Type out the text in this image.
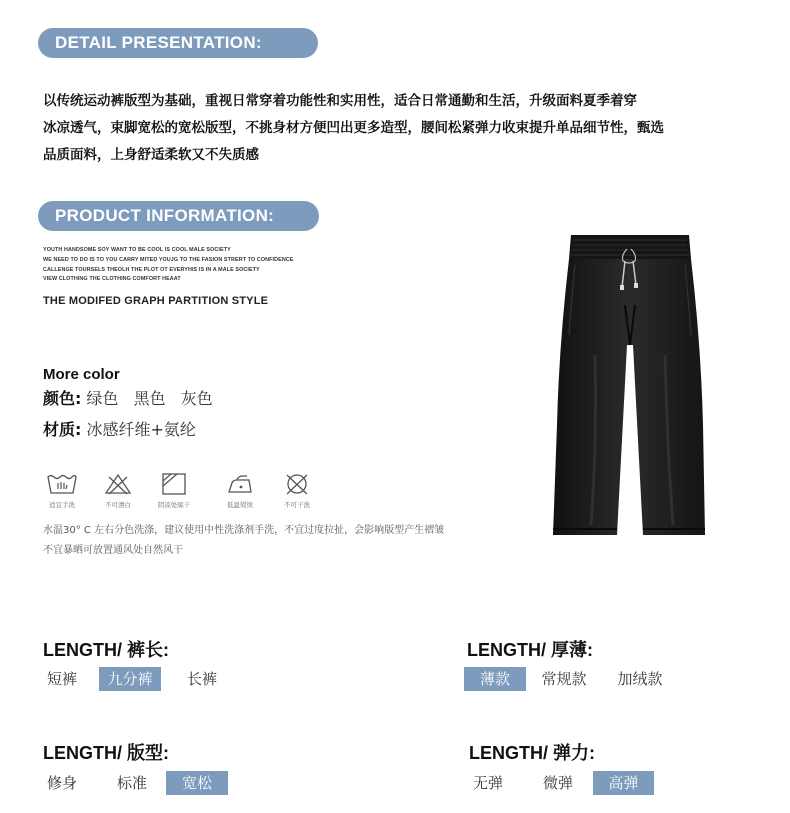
DETAIL PRESENTATION:
以传统运动裤版型为基础，重视日常穿着功能性和实用性，适合日常通勤和生活，升级面料夏季着穿
冰凉透气，束脚宽松的宽松版型，不挑身材方便凹出更多造型，腰间松紧弹力收束提升单品细节性，甄选
品质面料，上身舒适柔软又不失质感
PRODUCT INFORMATION:
YOUTH HANDSOME SOY WANT TO BE COOL IS COOL MALE SOCIETY
WE NEED TO DO IS TO YOU CARRY MITED YOUJG TO THE FASION STRERT TO CONFIDENCE
CALLENGE TOURSELS THEOLH THE PLOT OT EVERYHIS IS IN A MALE SOCIETY
VIEW CLOTHING THE CLOTHING COMFORT HEAAT
THE MODIFED GRAPH PARTITION STYLE
More color
颜色: 绿色 黑色 灰色
材质: 冰感纤维+氨纶
适宜手洗	不可漂白	阴凉处晾干	低温熨烫	不可干洗
水温30° C 左右分色洗涤，建议使用中性洗涤剂手洗，不宜过度拉扯，会影响版型产生褶皱
不宜暴晒可放置通风处自然风干
LENGTH/ 裤长:
短裤	九分裤	长裤
LENGTH/ 厚薄:
薄款	常规款 加绒款
LENGTH/ 版型:
修身	标准	宽松
LENGTH/ 弹力:
无弹	微弹	高弹
